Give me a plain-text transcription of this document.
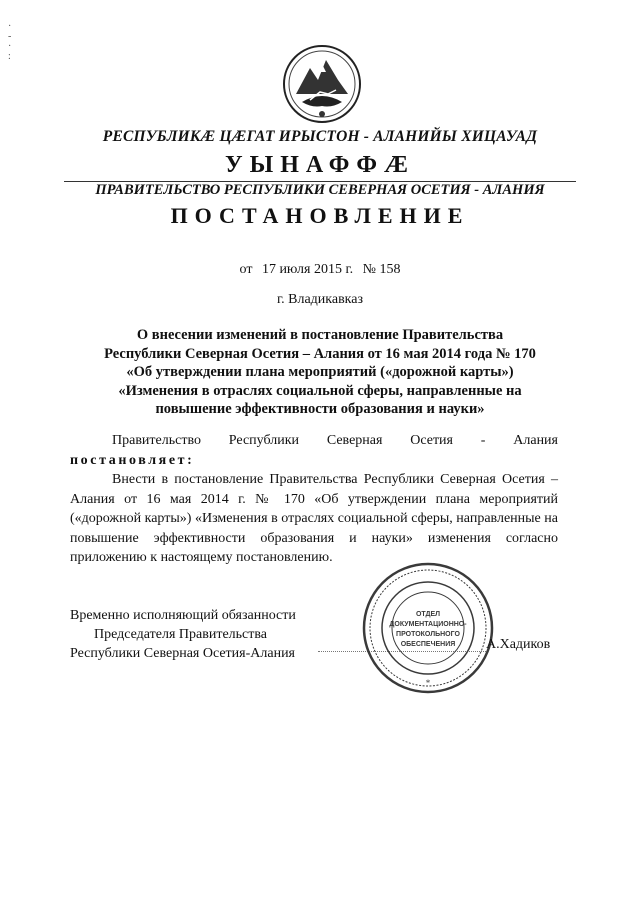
·
-
·
:
РЕСПУБЛИКӔ ЦӔГАТ ИРЫСТОН - АЛАНИЙЫ ХИЦАУАД
УЫНАФФӔ
ПРАВИТЕЛЬСТВО РЕСПУБЛИКИ СЕВЕРНАЯ ОСЕТИЯ - АЛАНИЯ
ПОСТАНОВЛЕНИЕ
от 17 июля 2015 г. № 158
г. Владикавказ
О внесении изменений в постановление Правительства
Республики Северная Осетия – Алания от 16 мая 2014 года № 170
«Об утверждении плана мероприятий («дорожной карты»)
«Изменения в отраслях социальной сферы, направленные на
повышение эффективности образования и науки»
Правительство Республики Северная Осетия - Алания
постановляет:
Внести в постановление Правительства Республики Северная Осетия – Алания от 16 мая 2014 г. № 170 «Об утверждении плана мероприятий («дорожной карты») «Изменения в отраслях социальной сферы, направленные на повышение эффективности образования и науки» изменения согласно приложению к настоящему постановлению.
Временно исполняющий обязанности
Председателя Правительства
Республики Северная Осетия-Алания
ОТДЕЛ
ДОКУМЕНТАЦИОННО-
ПРОТОКОЛЬНОГО
ОБЕСПЕЧЕНИЯ
*
А.Хадиков
